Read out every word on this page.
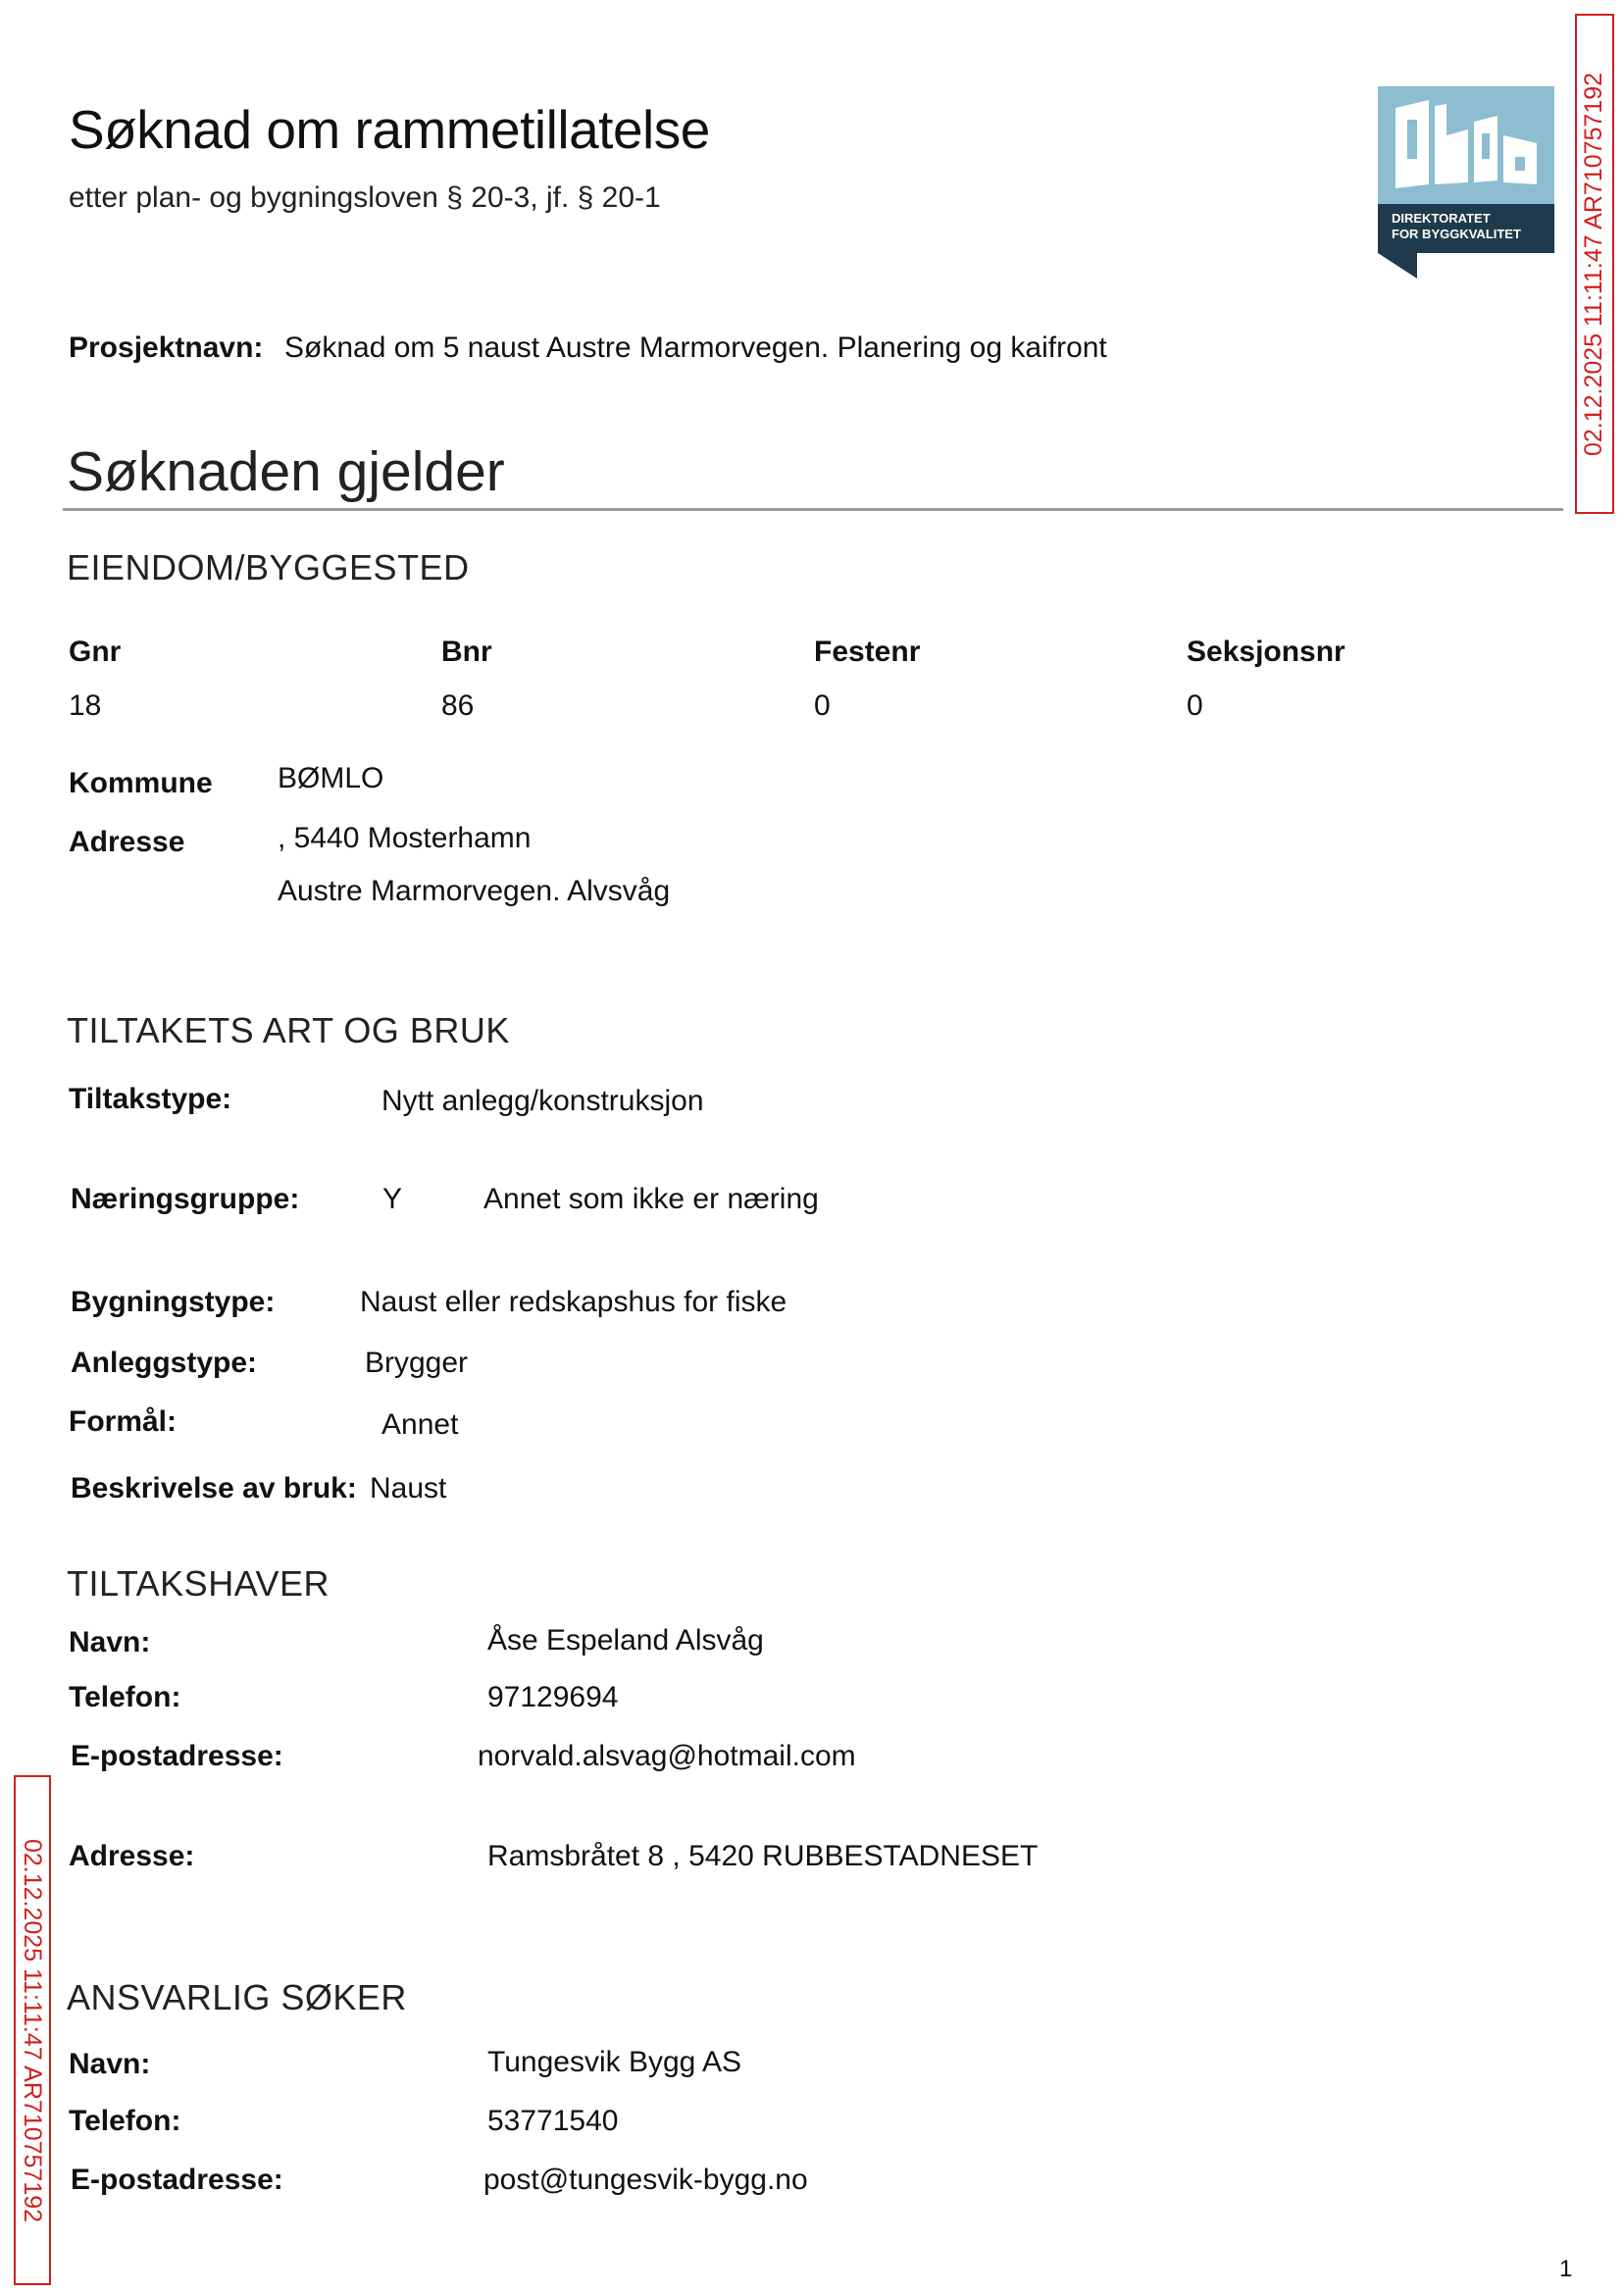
Søknad om rammetillatelse
etter plan- og bygningsloven § 20-3, jf. § 20-1
DIREKTORATET
FOR BYGGKVALITET 02.12.2025 11:11:47 AR710757192
02.12.2025 11:11:47 AR710757192
Prosjektnavn: Søknad om 5 naust Austre Marmorvegen. Planering og kaifront
Søknaden gjelder
EIENDOM/BYGGESTED
Gnr	Bnr	Festenr	Seksjonsnr
18	86	0	0
Kommune BØMLO
Adresse	, 5440 Mosterhamn
Austre Marmorvegen. Alvsvåg
TILTAKETS ART OG BRUK
Tiltakstype:	Nytt anlegg/konstruksjon
Næringsgruppe:	Y	Annet som ikke er næring
Bygningstype:	Naust eller redskapshus for fiske
Anleggstype:	Brygger
Formål:	Annet
Beskrivelse av bruk: Naust
TILTAKSHAVER
Navn:	Åse Espeland Alsvåg
Telefon:	97129694
E-postadresse:	norvald.alsvag@hotmail.com
Adresse:	Ramsbråtet 8 , 5420 RUBBESTADNESET
ANSVARLIG SØKER
Navn:	Tungesvik Bygg AS
Telefon:	53771540
E-postadresse:	post@tungesvik-bygg.no
1
